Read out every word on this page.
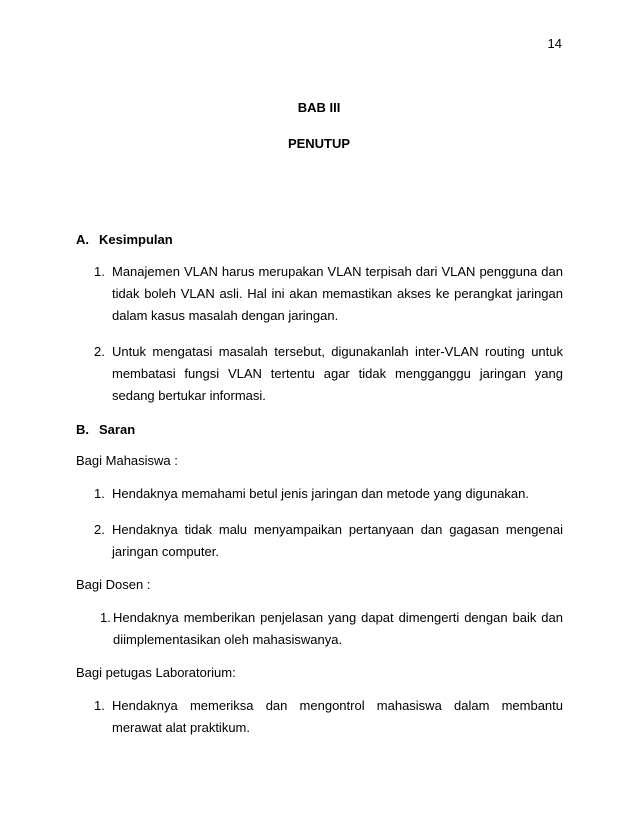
14
BAB III
PENUTUP
A. Kesimpulan
1. Manajemen VLAN harus merupakan VLAN terpisah dari VLAN pengguna dan tidak boleh VLAN asli. Hal ini akan memastikan akses ke perangkat jaringan dalam kasus masalah dengan jaringan.
2. Untuk mengatasi masalah tersebut, digunakanlah inter-VLAN routing untuk membatasi fungsi VLAN tertentu agar tidak mengganggu jaringan yang sedang bertukar informasi.
B. Saran
Bagi Mahasiswa :
1. Hendaknya memahami betul jenis jaringan dan metode yang digunakan.
2. Hendaknya tidak malu menyampaikan pertanyaan dan gagasan mengenai jaringan computer.
Bagi Dosen :
1. Hendaknya memberikan penjelasan yang dapat dimengerti dengan baik dan diimplementasikan oleh mahasiswanya.
Bagi petugas Laboratorium:
1. Hendaknya memeriksa dan mengontrol mahasiswa dalam membantu merawat alat praktikum.
